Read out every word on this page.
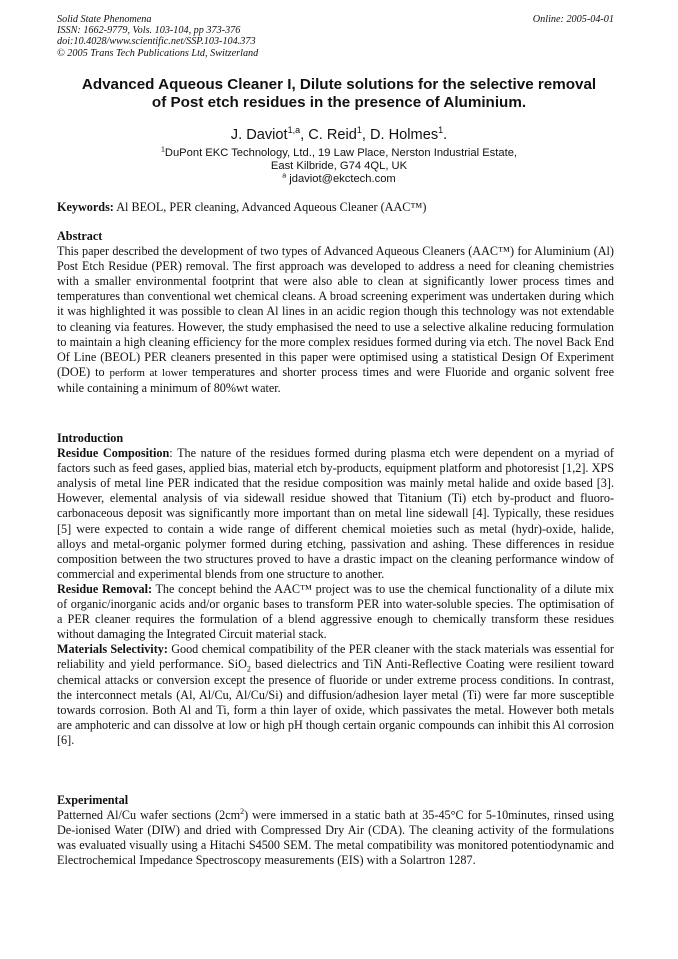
Solid State Phenomena
ISSN: 1662-9779, Vols. 103-104, pp 373-376
doi:10.4028/www.scientific.net/SSP.103-104.373
© 2005 Trans Tech Publications Ltd, Switzerland
Online: 2005-04-01
Advanced Aqueous Cleaner I, Dilute solutions for the selective removal
of Post etch residues in the presence of Aluminium.
J. Daviot$^{1,a}$, C. Reid$^1$, D. Holmes$^1$.
$^1$DuPont EKC Technology, Ltd., 19 Law Place, Nerston Industrial Estate,
East Kilbride, G74 4QL, UK
$^a$ jdaviot@ekctech.com
Keywords: Al BEOL, PER cleaning, Advanced Aqueous Cleaner (AAC™)
Abstract

This paper described the development of two types of Advanced Aqueous Cleaners (AAC™) for Aluminium (Al) Post Etch Residue (PER) removal. The first approach was developed to address a need for cleaning chemistries with a smaller environmental footprint that were also able to clean at significantly lower process times and temperatures than conventional wet chemical cleans. A broad screening experiment was undertaken during which it was highlighted it was possible to clean Al lines in an acidic region though this technology was not extendable to cleaning via features. However, the study emphasised the need to use a selective alkaline reducing formulation to maintain a high cleaning efficiency for the more complex residues formed during via etch. The novel Back End Of Line (BEOL) PER cleaners presented in this paper were optimised using a statistical Design Of Experiment (DOE) to perform at lower temperatures and shorter process times and were Fluoride and organic solvent free while containing a minimum of 80%wt water.

Introduction

Residue Composition: The nature of the residues formed during plasma etch were dependent on a myriad of factors such as feed gases, applied bias, material etch by-products, equipment platform and photoresist [1,2]. XPS analysis of metal line PER indicated that the residue composition was mainly metal halide and oxide based [3]. However, elemental analysis of via sidewall residue showed that Titanium (Ti) etch by-product and fluoro-carbonaceous deposit was significantly more important than on metal line sidewall [4]. Typically, these residues [5] were expected to contain a wide range of different chemical moieties such as metal (hydr)-oxide, halide, alloys and metal-organic polymer formed during etching, passivation and ashing. These differences in residue composition between the two structures proved to have a drastic impact on the cleaning performance window of commercial and experimental blends from one structure to another.

Residue Removal: The concept behind the AAC™ project was to use the chemical functionality of a dilute mix of organic/inorganic acids and/or organic bases to transform PER into water-soluble species. The optimisation of a PER cleaner requires the formulation of a blend aggressive enough to chemically transform these residues without damaging the Integrated Circuit material stack.

Materials Selectivity: Good chemical compatibility of the PER cleaner with the stack materials was essential for reliability and yield performance. SiO$_2$ based dielectrics and TiN Anti-Reflective Coating were resilient toward chemical attacks or conversion except the presence of fluoride or under extreme process conditions. In contrast, the interconnect metals (Al, Al/Cu, Al/Cu/Si) and diffusion/adhesion layer metal (Ti) were far more susceptible towards corrosion. Both Al and Ti, form a thin layer of oxide, which passivates the metal. However both metals are amphoteric and can dissolve at low or high pH though certain organic compounds can inhibit this Al corrosion [6].

Experimental

Patterned Al/Cu wafer sections $(2cm^2)$ were immersed in a static bath at 35-45°C for 5-10minutes, rinsed using De-ionised Water (DIW) and dried with Compressed Dry Air (CDA). The cleaning activity of the formulations was evaluated visually using a Hitachi S4500 SEM. The metal compatibility was monitored potentiodynamic and Electrochemical Impedance Spectroscopy measurements (EIS) with a Solartron 1287.
